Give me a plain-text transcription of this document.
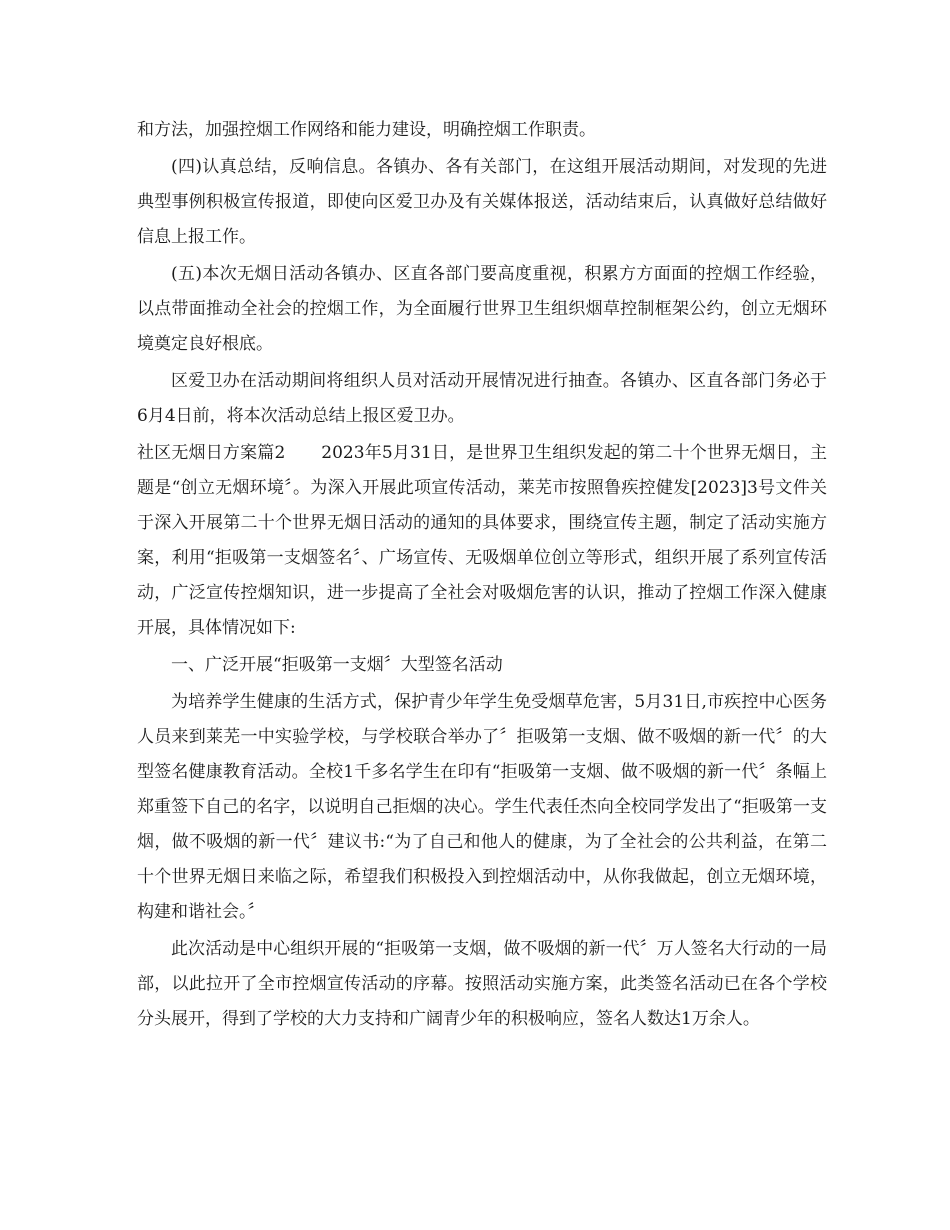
和方法，加强控烟工作网络和能力建设，明确控烟工作职责。

(四)认真总结，反响信息。各镇办、各有关部门，在这组开展活动期间，对发现的先进典型事例积极宣传报道，即使向区爱卫办及有关媒体报送，活动结束后，认真做好总结做好信息上报工作。

(五)本次无烟日活动各镇办、区直各部门要高度重视，积累方方面面的控烟工作经验，以点带面推动全社会的控烟工作，为全面履行世界卫生组织烟草控制框架公约，创立无烟环境奠定良好根底。

区爱卫办在活动期间将组织人员对活动开展情况进行抽查。各镇办、区直各部门务必于6月4日前，将本次活动总结上报区爱卫办。

社区无烟日方案篇2 2023年5月31日，是世界卫生组织发起的第二十个世界无烟日，主题是“创立无烟环境〞。为深入开展此项宣传活动，莱芜市按照鲁疾控健发[2023]3号文件关于深入开展第二十个世界无烟日活动的通知的具体要求，围绕宣传主题，制定了活动实施方案，利用“拒吸第一支烟签名〞、广场宣传、无吸烟单位创立等形式，组织开展了系列宣传活动，广泛宣传控烟知识，进一步提高了全社会对吸烟危害的认识，推动了控烟工作深入健康开展，具体情况如下:

一、广泛开展“拒吸第一支烟〞大型签名活动

为培养学生健康的生活方式，保护青少年学生免受烟草危害，5月31日,市疾控中心医务人员来到莱芜一中实验学校，与学校联合举办了〞拒吸第一支烟、做不吸烟的新一代〞的大型签名健康教育活动。全校1千多名学生在印有“拒吸第一支烟、做不吸烟的新一代〞条幅上郑重签下自己的名字，以说明自己拒烟的决心。学生代表任杰向全校同学发出了“拒吸第一支烟，做不吸烟的新一代〞建议书:“为了自己和他人的健康，为了全社会的公共利益，在第二十个世界无烟日来临之际，希望我们积极投入到控烟活动中，从你我做起，创立无烟环境，构建和谐社会。〞

此次活动是中心组织开展的“拒吸第一支烟，做不吸烟的新一代〞万人签名大行动的一局部，以此拉开了全市控烟宣传活动的序幕。按照活动实施方案，此类签名活动已在各个学校分头展开，得到了学校的大力支持和广阔青少年的积极响应，签名人数达1万余人。
